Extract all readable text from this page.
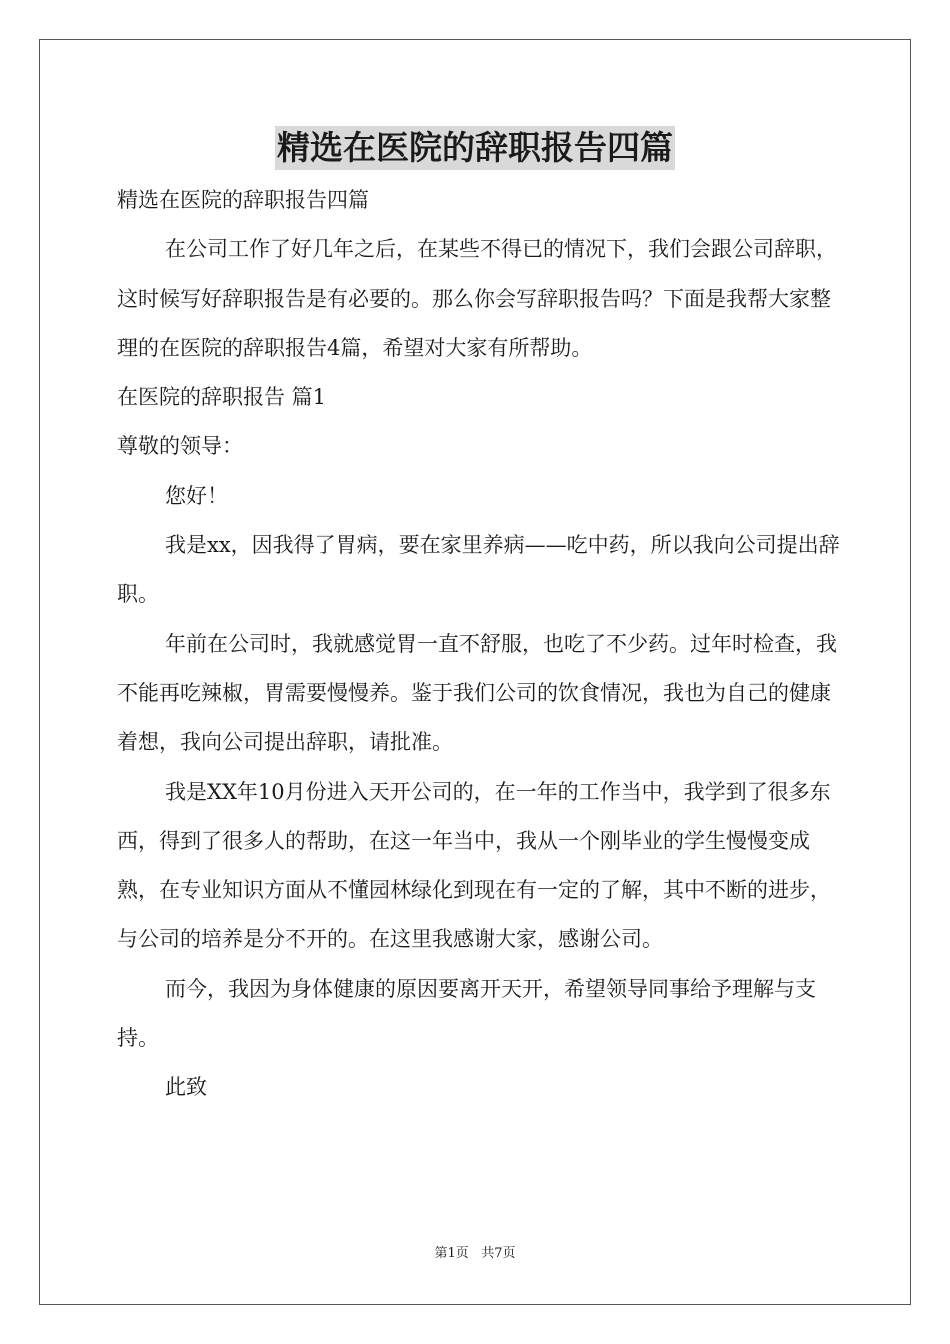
精选在医院的辞职报告四篇

精选在医院的辞职报告四篇

在公司工作了好几年之后，在某些不得已的情况下，我们会跟公司辞职，这时候写好辞职报告是有必要的。那么你会写辞职报告吗？下面是我帮大家整理的在医院的辞职报告4篇，希望对大家有所帮助。

在医院的辞职报告 篇1

尊敬的领导：

您好！

我是xx，因我得了胃病，要在家里养病——吃中药，所以我向公司提出辞职。

年前在公司时，我就感觉胃一直不舒服，也吃了不少药。过年时检查，我不能再吃辣椒，胃需要慢慢养。鉴于我们公司的饮食情况，我也为自己的健康着想，我向公司提出辞职，请批准。

我是XX年10月份进入天开公司的，在一年的工作当中，我学到了很多东西，得到了很多人的帮助，在这一年当中，我从一个刚毕业的学生慢慢变成熟，在专业知识方面从不懂园林绿化到现在有一定的了解，其中不断的进步，与公司的培养是分不开的。在这里我感谢大家，感谢公司。

而今，我因为身体健康的原因要离开天开，希望领导同事给予理解与支持。

此致

第1页 共7页
